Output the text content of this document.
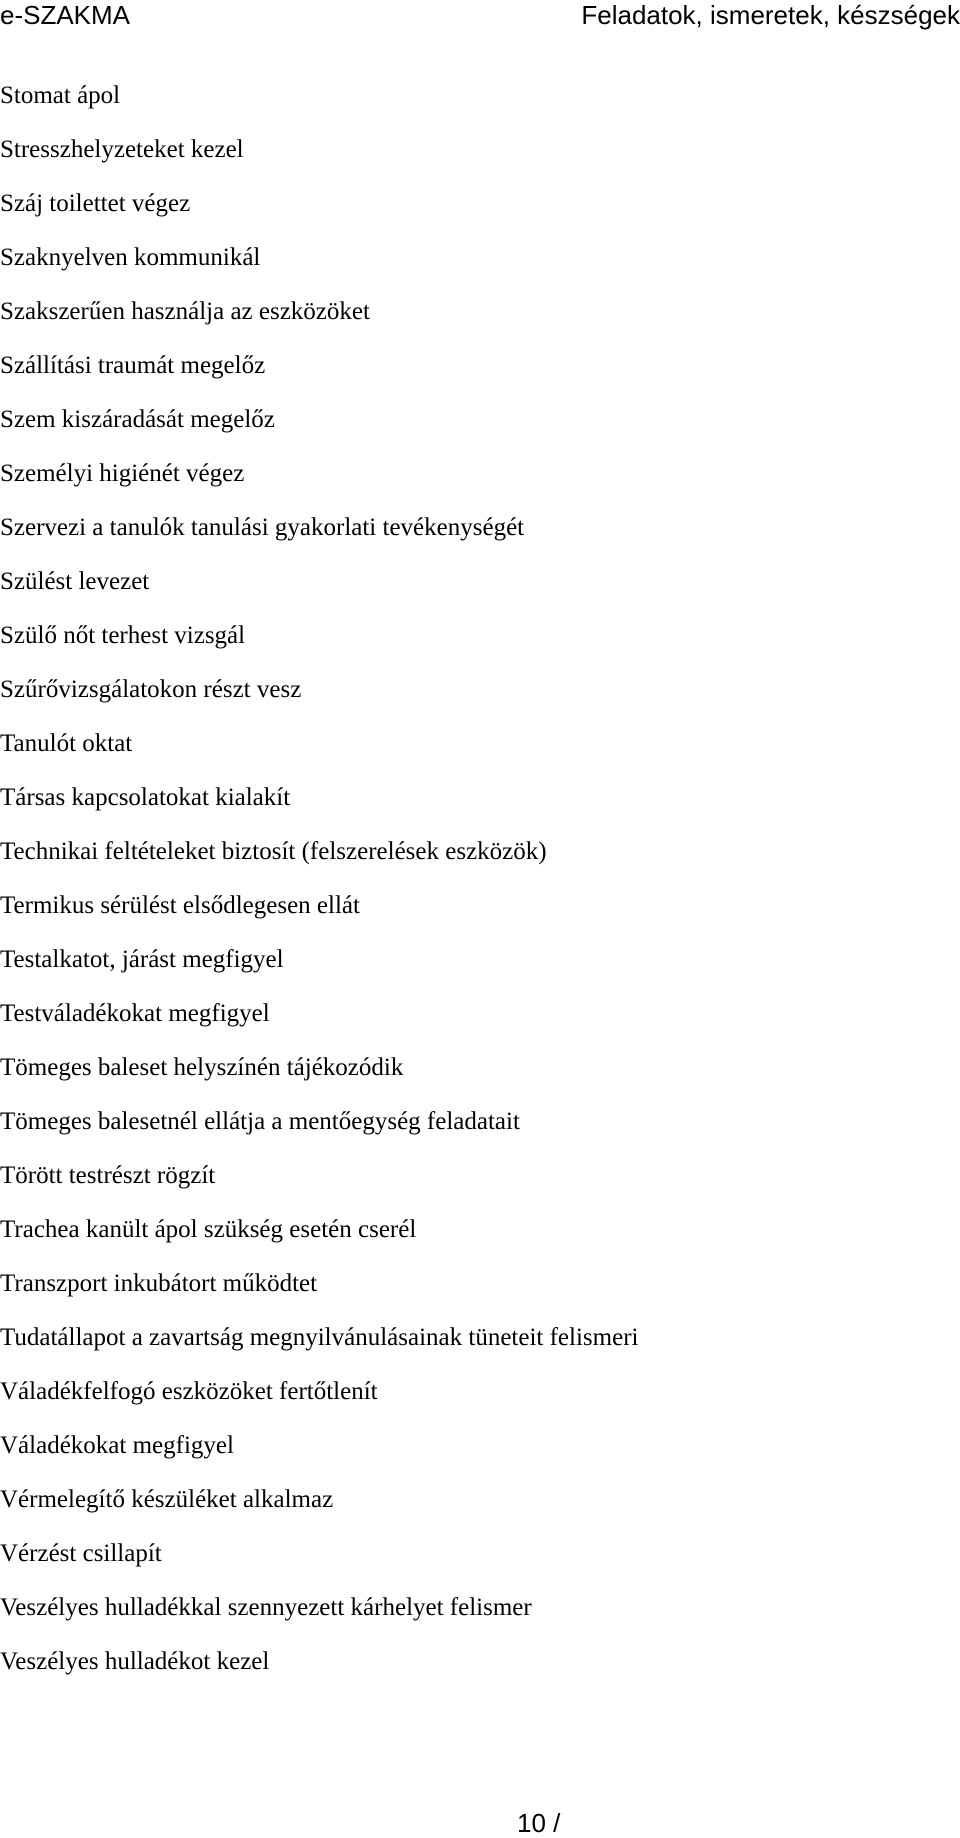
e-SZAKMA	Feladatok, ismeretek, készségek
Stomat ápol
Stresszhelyzeteket kezel
Száj toilettet végez
Szaknyelven kommunikál
Szakszerűen használja az eszközöket
Szállítási traumát megelőz
Szem kiszáradását megelőz
Személyi higiénét végez
Szervezi a tanulók tanulási gyakorlati tevékenységét
Szülést levezet
Szülő nőt terhest vizsgál
Szűrővizsgálatokon részt vesz
Tanulót oktat
Társas kapcsolatokat kialakít
Technikai feltételeket biztosít (felszerelések eszközök)
Termikus sérülést elsődlegesen ellát
Testalkatot, járást megfigyel
Testváladékokat megfigyel
Tömeges baleset helyszínén tájékozódik
Tömeges balesetnél ellátja a mentőegység feladatait
Törött testrészt rögzít
Trachea kanült ápol szükség esetén cserél
Transzport inkubátort működtet
Tudatállapot a zavartság megnyilvánulásainak tüneteit felismeri
Váladékfelfogó eszközöket fertőtlenít
Váladékokat megfigyel
Vérmelegítő készüléket alkalmaz
Vérzést csillapít
Veszélyes hulladékkal szennyezett kárhelyet felismer
Veszélyes hulladékot kezel
10 /
